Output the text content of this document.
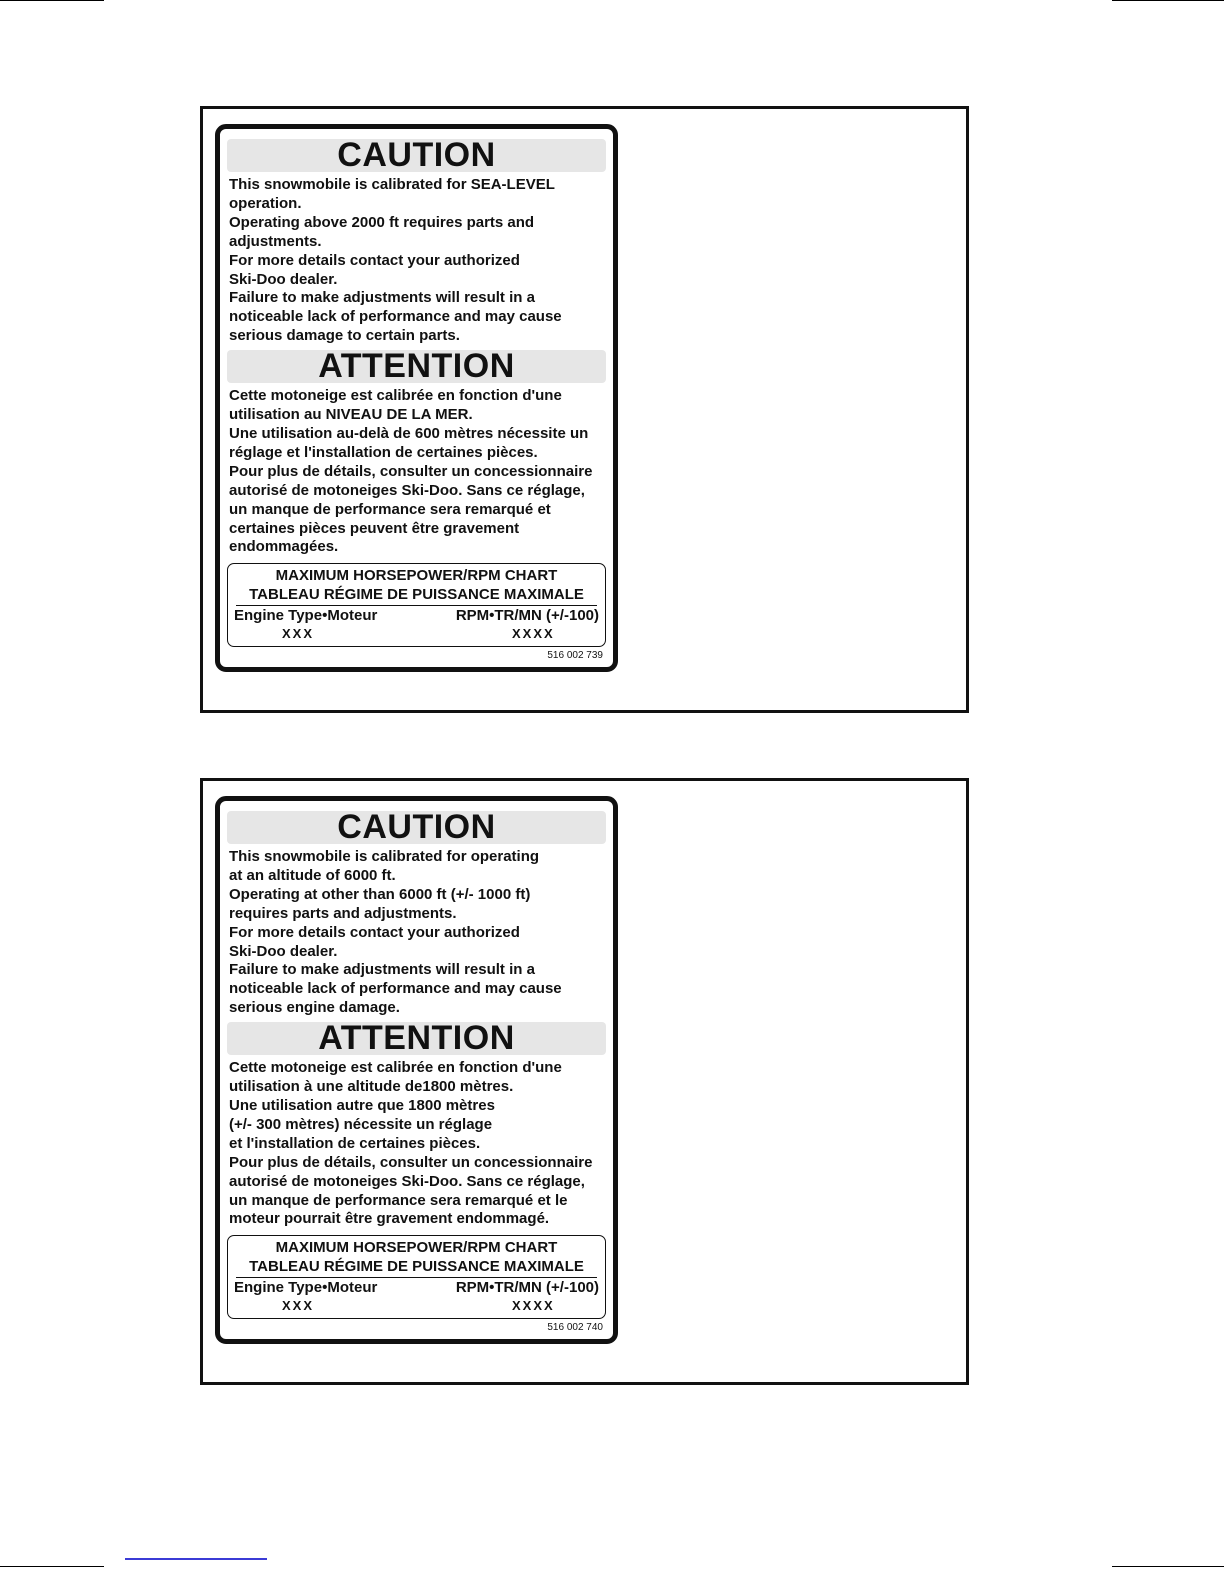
CAUTION
This snowmobile is calibrated for SEA-LEVEL
operation.
Operating above 2000 ft requires parts and
adjustments.
For more details contact your authorized
Ski-Doo dealer.
Failure to make adjustments will result in a
noticeable lack of performance and may cause
serious damage to certain parts.
ATTENTION
Cette motoneige est calibrée en fonction d'une
utilisation au NIVEAU DE LA MER.
Une utilisation au-delà de 600 mètres nécessite un
réglage et l'installation de certaines pièces.
Pour plus de détails, consulter un concessionnaire
autorisé de motoneiges Ski-Doo. Sans ce réglage,
un manque de performance sera remarqué et
certaines pièces peuvent être gravement
endommagées.
MAXIMUM HORSEPOWER/RPM CHART
TABLEAU RÉGIME DE PUISSANCE MAXIMALE
Engine Type•Moteur	RPM•TR/MN (+/-100)
XXX	XXXX
516 002 739
CAUTION
This snowmobile is calibrated for operating
at an altitude of 6000 ft.
Operating at other than 6000 ft (+/- 1000 ft)
requires parts and adjustments.
For more details contact your authorized
Ski-Doo dealer.
Failure to make adjustments will result in a
noticeable lack of performance and may cause
serious engine damage.
ATTENTION
Cette motoneige est calibrée en fonction d'une
utilisation à une altitude de1800 mètres.
Une utilisation autre que 1800 mètres
(+/- 300 mètres) nécessite un réglage
et l'installation de certaines pièces.
Pour plus de détails, consulter un concessionnaire
autorisé de motoneiges Ski-Doo. Sans ce réglage,
un manque de performance sera remarqué et le
moteur pourrait être gravement endommagé.
MAXIMUM HORSEPOWER/RPM CHART
TABLEAU RÉGIME DE PUISSANCE MAXIMALE
Engine Type•Moteur	RPM•TR/MN (+/-100)
XXX	XXXX
516 002 740
